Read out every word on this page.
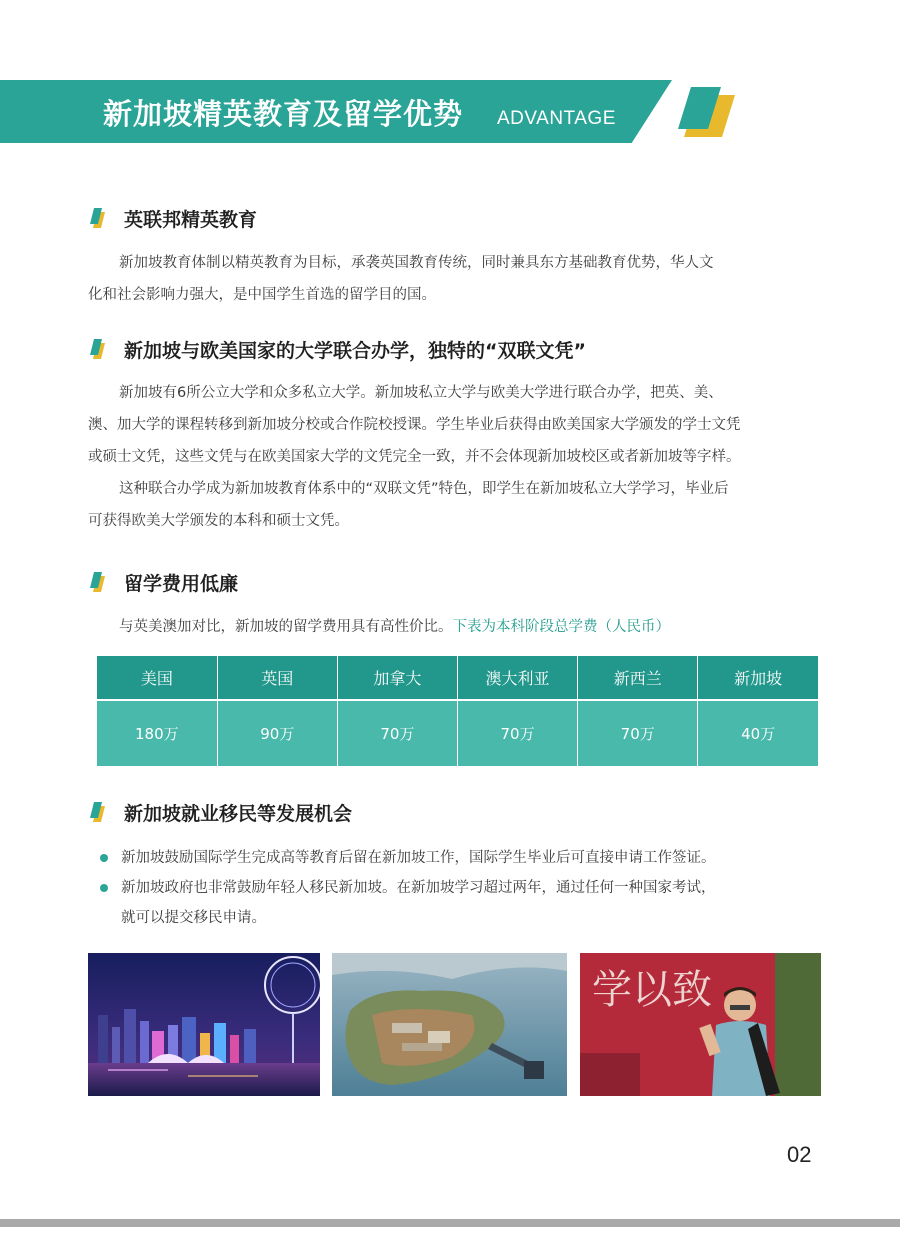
新加坡精英教育及留学优势 ADVANTAGE
英联邦精英教育
新加坡教育体制以精英教育为目标，承袭英国教育传统，同时兼具东方基础教育优势，华人文
化和社会影响力强大，是中国学生首选的留学目的国。
新加坡与欧美国家的大学联合办学，独特的“双联文凭”
新加坡有6所公立大学和众多私立大学。新加坡私立大学与欧美大学进行联合办学，把英、美、
澳、加大学的课程转移到新加坡分校或合作院校授课。学生毕业后获得由欧美国家大学颁发的学士文凭
或硕士文凭，这些文凭与在欧美国家大学的文凭完全一致，并不会体现新加坡校区或者新加坡等字样。
这种联合办学成为新加坡教育体系中的“双联文凭”特色，即学生在新加坡私立大学学习，毕业后
可获得欧美大学颁发的本科和硕士文凭。
留学费用低廉
与英美澳加对比，新加坡的留学费用具有高性价比。下表为本科阶段总学费（人民币）
美国	英国	加拿大	澳大利亚	新西兰	新加坡
180万	90万	70万	70万	70万	40万
新加坡就业移民等发展机会
新加坡鼓励国际学生完成高等教育后留在新加坡工作，国际学生毕业后可直接申请工作签证。
新加坡政府也非常鼓励年轻人移民新加坡。在新加坡学习超过两年，通过任何一种国家考试，
就可以提交移民申请。
学以致
02
